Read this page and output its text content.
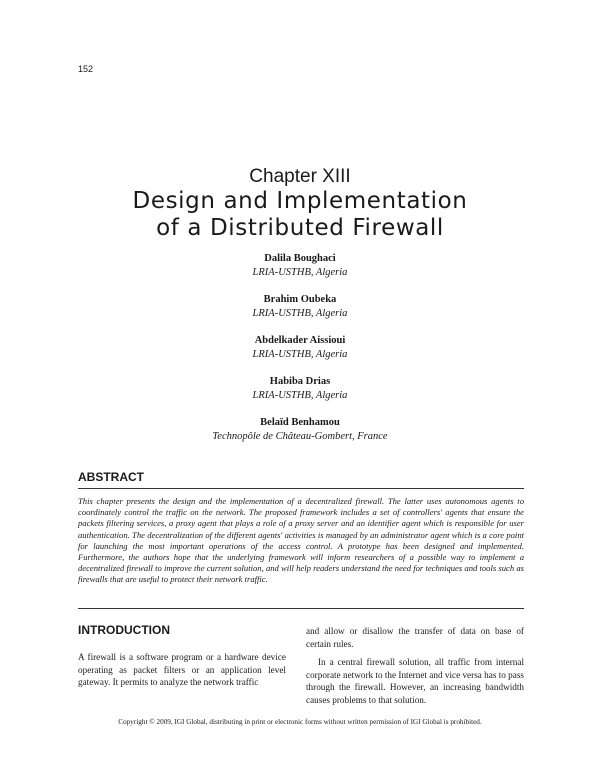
152
Chapter XIII
Design and Implementation
of a Distributed Firewall
Dalila Boughaci
LRIA-USTHB, Algeria
Brahim Oubeka
LRIA-USTHB, Algeria
Abdelkader Aissioui
LRIA-USTHB, Algeria
Habiba Drias
LRIA-USTHB, Algeria
Belaïd Benhamou
Technopôle de Château-Gombert, France
ABSTRACT
This chapter presents the design and the implementation of a decentralized firewall. The latter uses autonomous agents to coordinately control the traffic on the network. The proposed framework includes a set of controllers' agents that ensure the packets filtering services, a proxy agent that plays a role of a proxy server and an identifier agent which is responsible for user authentication. The decentralization of the different agents' activities is managed by an administrator agent which is a core point for launching the most important operations of the access control. A prototype has been designed and implemented. Furthermore, the authors hope that the underlying framework will inform researchers of a possible way to implement a decentralized firewall to improve the current solution, and will help readers understand the need for techniques and tools such as firewalls that are useful to protect their network traffic.
INTRODUCTION

A firewall is a software program or a hardware device operating as packet filters or an application level gateway. It permits to analyze the network traffic

and allow or disallow the transfer of data on base of certain rules.

In a central firewall solution, all traffic from internal corporate network to the Internet and vice versa has to pass through the firewall. However, an increasing bandwidth causes problems to that solution.

Copyright © 2009, IGI Global, distributing in print or electronic forms without written permission of IGI Global is prohibited.
